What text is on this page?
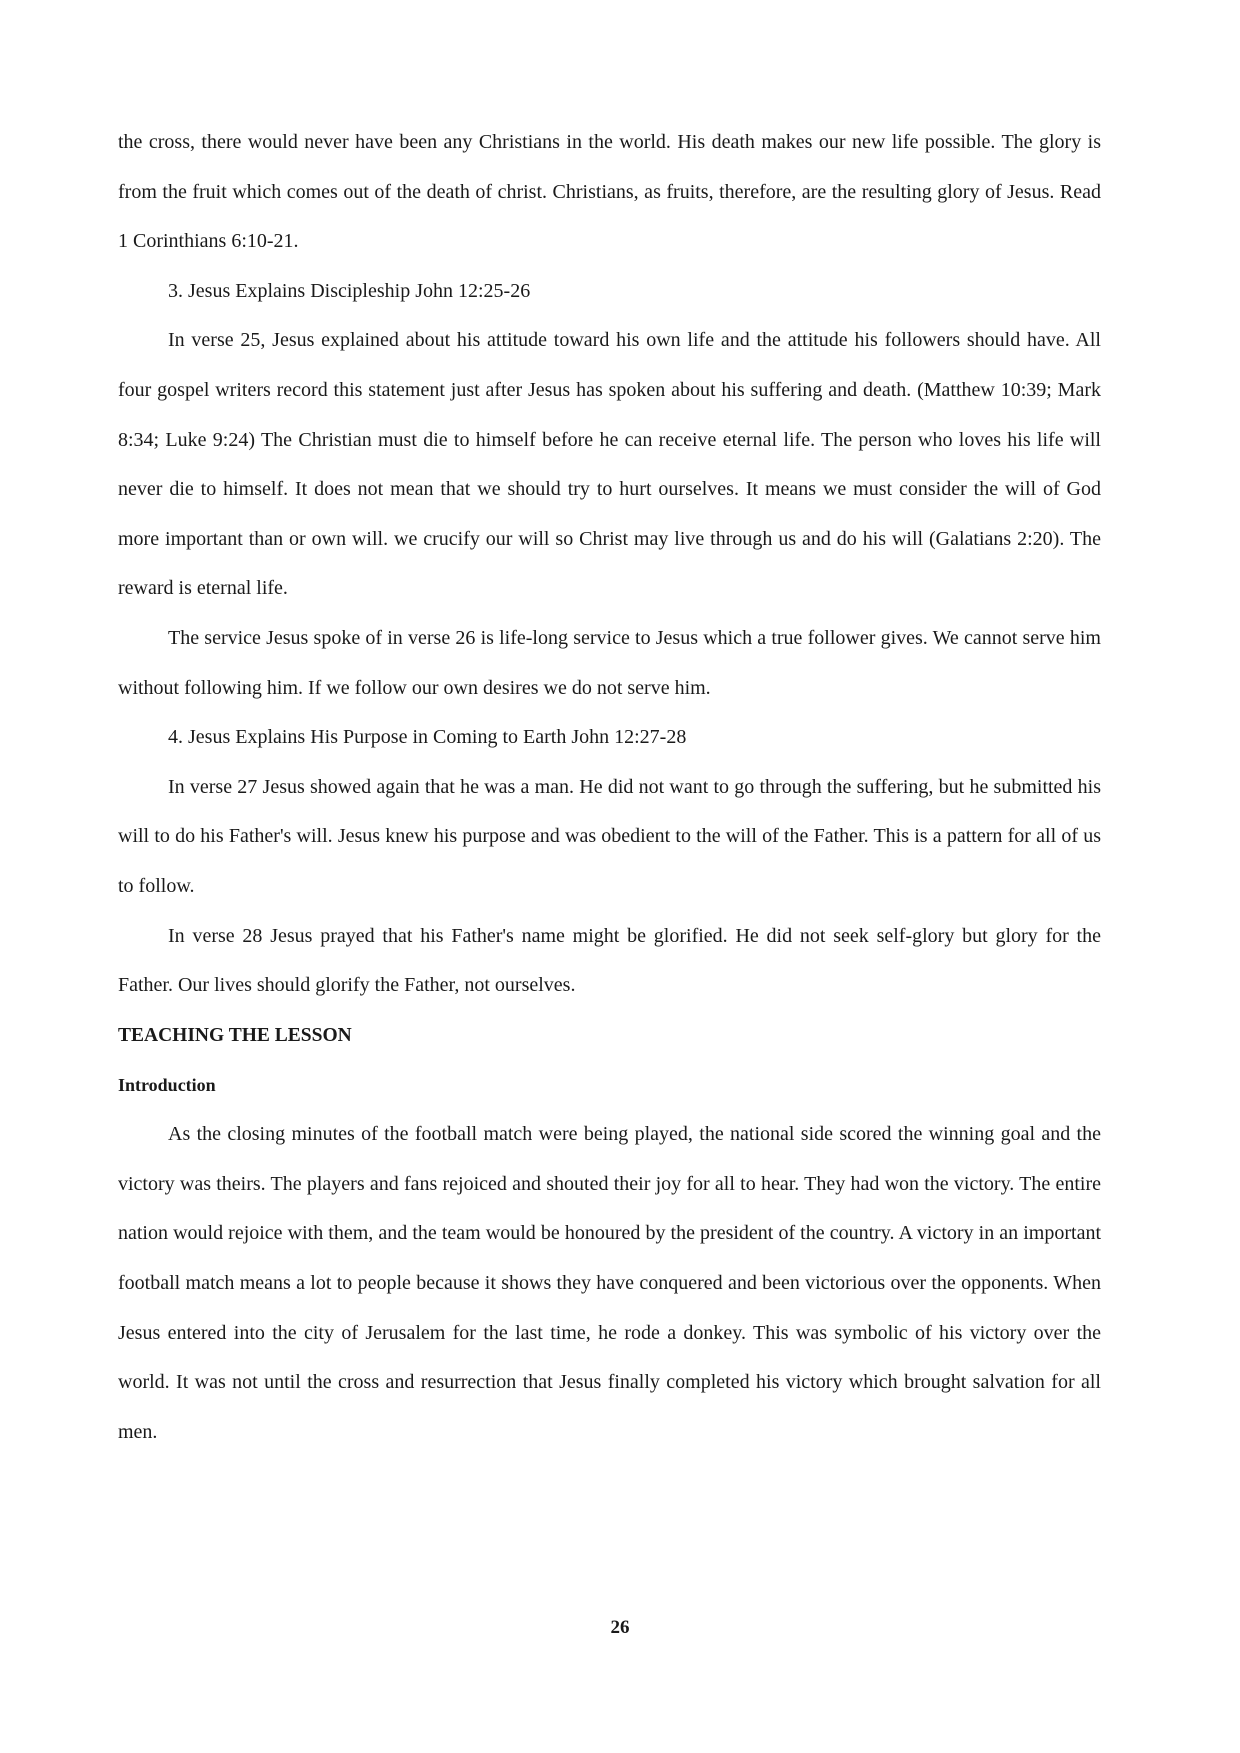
the cross, there would never have been any Christians in the world. His death makes our new life possible. The glory is from the fruit which comes out of the death of christ. Christians, as fruits, therefore, are the resulting glory of Jesus. Read 1 Corinthians 6:10-21.

3. Jesus Explains Discipleship John 12:25-26

In verse 25, Jesus explained about his attitude toward his own life and the attitude his followers should have. All four gospel writers record this statement just after Jesus has spoken about his suffering and death. (Matthew 10:39; Mark 8:34; Luke 9:24) The Christian must die to himself before he can receive eternal life. The person who loves his life will never die to himself. It does not mean that we should try to hurt ourselves. It means we must consider the will of God more important than or own will. we crucify our will so Christ may live through us and do his will (Galatians 2:20). The reward is eternal life.

The service Jesus spoke of in verse 26 is life-long service to Jesus which a true follower gives. We cannot serve him without following him. If we follow our own desires we do not serve him.

4. Jesus Explains His Purpose in Coming to Earth John 12:27-28

In verse 27 Jesus showed again that he was a man. He did not want to go through the suffering, but he submitted his will to do his Father's will. Jesus knew his purpose and was obedient to the will of the Father. This is a pattern for all of us to follow.

In verse 28 Jesus prayed that his Father's name might be glorified. He did not seek self-glory but glory for the Father. Our lives should glorify the Father, not ourselves.

TEACHING THE LESSON
Introduction

As the closing minutes of the football match were being played, the national side scored the winning goal and the victory was theirs. The players and fans rejoiced and shouted their joy for all to hear. They had won the victory. The entire nation would rejoice with them, and the team would be honoured by the president of the country. A victory in an important football match means a lot to people because it shows they have conquered and been victorious over the opponents. When Jesus entered into the city of Jerusalem for the last time, he rode a donkey. This was symbolic of his victory over the world. It was not until the cross and resurrection that Jesus finally completed his victory which brought salvation for all men.

26
